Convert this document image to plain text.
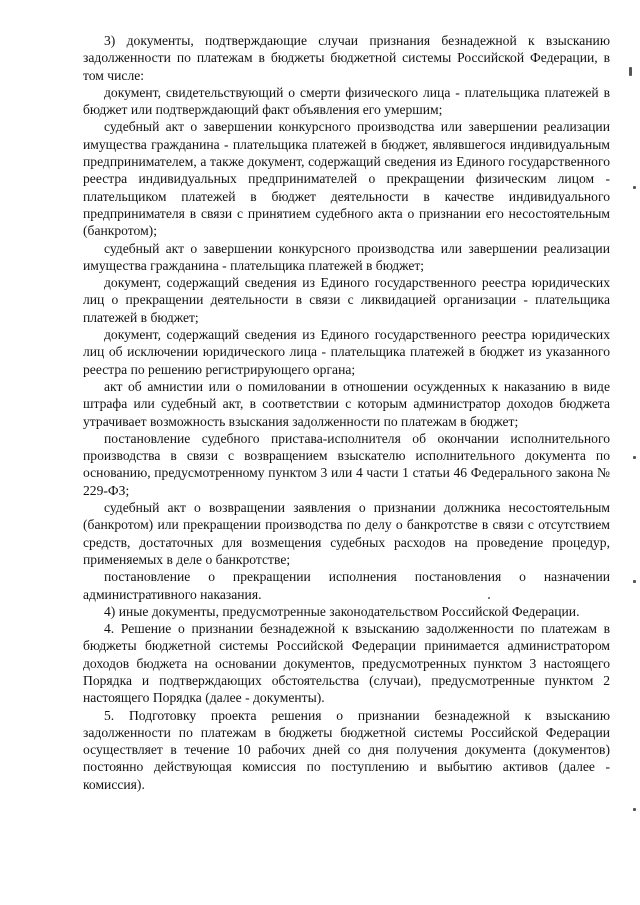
3) документы, подтверждающие случаи признания безнадежной к взысканию задолженности по платежам в бюджеты бюджетной системы Российской Федерации, в том числе:

документ, свидетельствующий о смерти физического лица - плательщика платежей в бюджет или подтверждающий факт объявления его умершим;

судебный акт о завершении конкурсного производства или завершении реализации имущества гражданина - плательщика платежей в бюджет, являвшегося индивидуальным предпринимателем, а также документ, содержащий сведения из Единого государственного реестра индивидуальных предпринимателей о прекращении физическим лицом - плательщиком платежей в бюджет деятельности в качестве индивидуального предпринимателя в связи с принятием судебного акта о признании его несостоятельным (банкротом);

судебный акт о завершении конкурсного производства или завершении реализации имущества гражданина - плательщика платежей в бюджет;

документ, содержащий сведения из Единого государственного реестра юридических лиц о прекращении деятельности в связи с ликвидацией организации - плательщика платежей в бюджет;

документ, содержащий сведения из Единого государственного реестра юридических лиц об исключении юридического лица - плательщика платежей в бюджет из указанного реестра по решению регистрирующего органа;

акт об амнистии или о помиловании в отношении осужденных к наказанию в виде штрафа или судебный акт, в соответствии с которым администратор доходов бюджета утрачивает возможность взыскания задолженности по платежам в бюджет;

постановление судебного пристава-исполнителя об окончании исполнительного производства в связи с возвращением взыскателю исполнительного документа по основанию, предусмотренному пунктом 3 или 4 части 1 статьи 46 Федерального закона № 229-ФЗ;

судебный акт о возвращении заявления о признании должника несостоятельным (банкротом) или прекращении производства по делу о банкротстве в связи с отсутствием средств, достаточных для возмещения судебных расходов на проведение процедур, применяемых в деле о банкротстве;

постановление о прекращении исполнения постановления о назначении административного наказания.

4) иные документы, предусмотренные законодательством Российской Федерации.

4. Решение о признании безнадежной к взысканию задолженности по платежам в бюджеты бюджетной системы Российской Федерации принимается администратором доходов бюджета на основании документов, предусмотренных пунктом 3 настоящего Порядка и подтверждающих обстоятельства (случаи), предусмотренные пунктом 2 настоящего Порядка (далее - документы).

5. Подготовку проекта решения о признании безнадежной к взысканию задолженности по платежам в бюджеты бюджетной системы Российской Федерации осуществляет в течение 10 рабочих дней со дня получения документа (документов) постоянно действующая комиссия по поступлению и выбытию активов (далее - комиссия).
